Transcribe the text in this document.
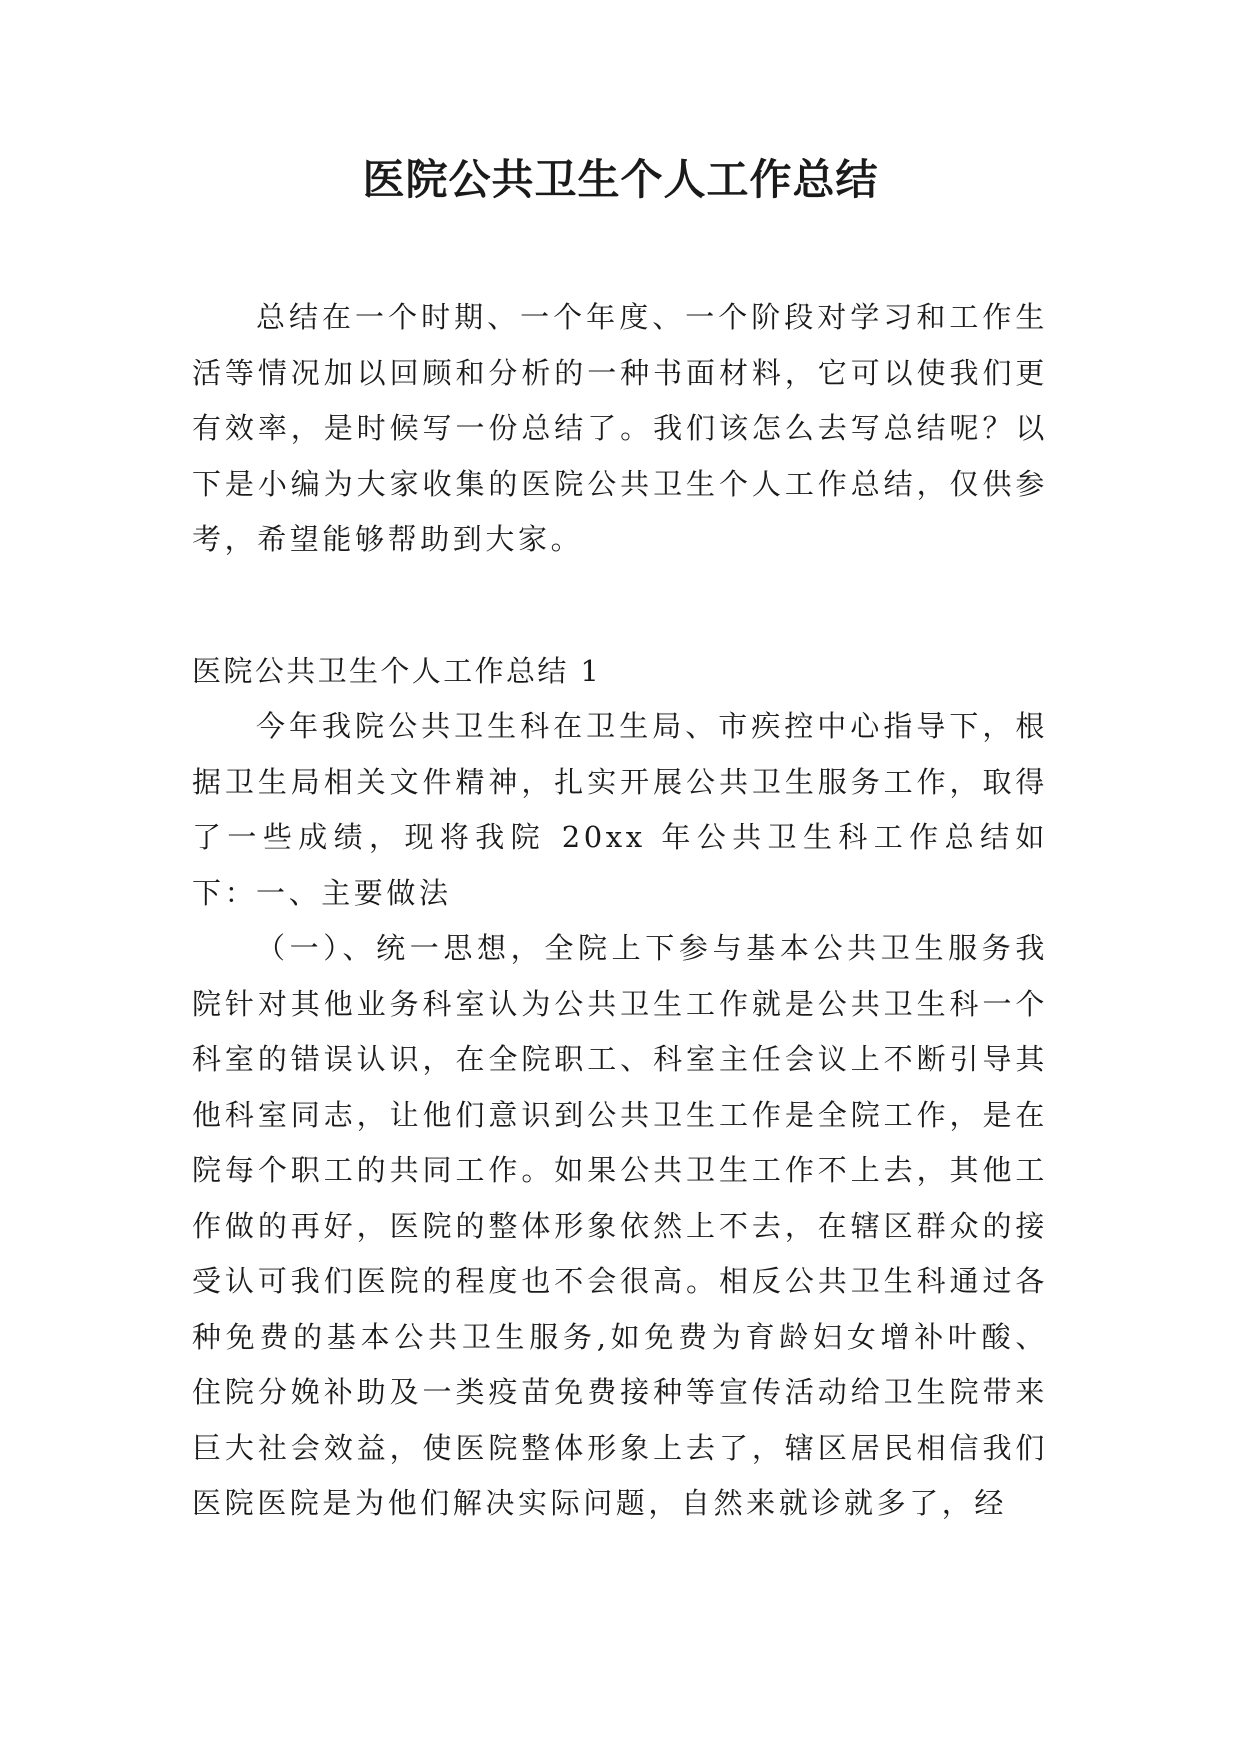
医院公共卫生个人工作总结

总结在一个时期、一个年度、一个阶段对学习和工作生活等情况加以回顾和分析的一种书面材料，它可以使我们更有效率，是时候写一份总结了。我们该怎么去写总结呢？以下是小编为大家收集的医院公共卫生个人工作总结，仅供参考，希望能够帮助到大家。

医院公共卫生个人工作总结 1

今年我院公共卫生科在卫生局、市疾控中心指导下，根据卫生局相关文件精神，扎实开展公共卫生服务工作，取得了一些成绩，现将我院 20xx 年公共卫生科工作总结如下：

一、主要做法

（一）、统一思想，全院上下参与基本公共卫生服务我院针对其他业务科室认为公共卫生工作就是公共卫生科一个科室的错误认识，在全院职工、科室主任会议上不断引导其他科室同志，让他们意识到公共卫生工作是全院工作，是在院每个职工的共同工作。如果公共卫生工作不上去，其他工作做的再好，医院的整体形象依然上不去，在辖区群众的接受认可我们医院的程度也不会很高。相反公共卫生科通过各种免费的基本公共卫生服务,如免费为育龄妇女增补叶酸、住院分娩补助及一类疫苗免费接种等宣传活动给卫生院带来巨大社会效益，使医院整体形象上去了，辖区居民相信我们医院医院是为他们解决实际问题，自然来就诊就多了，经
